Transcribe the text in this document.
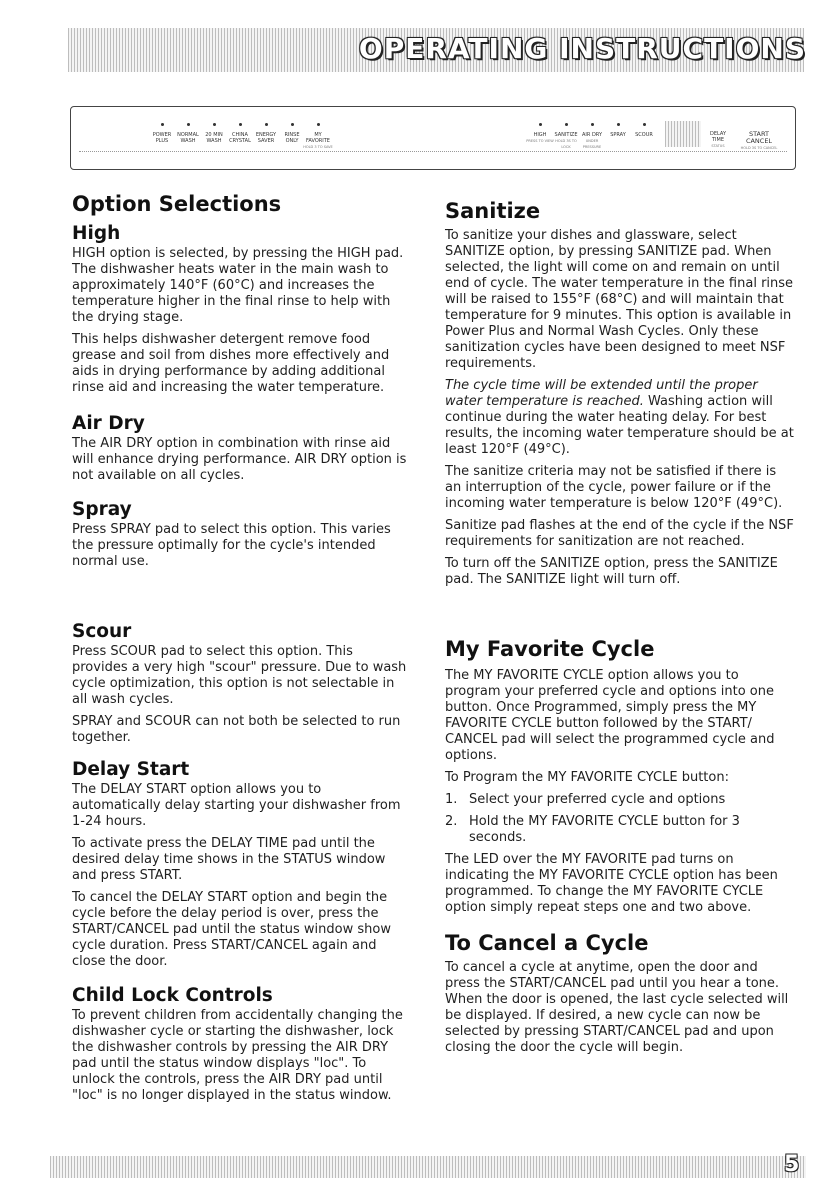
OPERATING INSTRUCTIONS
POWER
PLUS
NORMAL
WASH
20 MIN
WASH
CHINA
CRYSTAL
ENERGY
SAVER
RINSE
ONLY
MY
FAVORITE

HOLD 3 TO SAVE
HIGH

PRESS TO VIEW
SANITIZE

HOLD 3S TO LOCK
AIR DRY

UNDER PRESSURE
SPRAY	SCOUR	DELAY
TIME

STATUS
START
CANCEL

HOLD 3S TO CANCEL
Option Selections
High

HIGH option is selected, by pressing the HIGH pad. The dishwasher heats water in the main wash to approximately 140°F (60°C) and increases the temperature higher in the final rinse to help with the drying stage.

This helps dishwasher detergent remove food grease and soil from dishes more effectively and aids in drying performance by adding additional rinse aid and increasing the water temperature.

Air Dry

The AIR DRY option in combination with rinse aid will enhance drying performance. AIR DRY option is not available on all cycles.

Spray

Press SPRAY pad to select this option. This varies the pressure optimally for the cycle's intended normal use.

Scour

Press SCOUR pad to select this option. This provides a very high "scour" pressure. Due to wash cycle optimization, this option is not selectable in all wash cycles.

SPRAY and SCOUR can not both be selected to run together.

Delay Start

The DELAY START option allows you to automatically delay starting your dishwasher from 1-24 hours.

To activate press the DELAY TIME pad until the desired delay time shows in the STATUS window and press START.

To cancel the DELAY START option and begin the cycle before the delay period is over, press the START/CANCEL pad until the status window show cycle duration. Press START/CANCEL again and close the door.

Child Lock Controls

To prevent children from accidentally changing the dishwasher cycle or starting the dishwasher, lock the dishwasher controls by pressing the AIR DRY pad until the status window displays "loc". To unlock the controls, press the AIR DRY pad until "loc" is no longer displayed in the status window.

Sanitize

To sanitize your dishes and glassware, select SANITIZE option, by pressing SANITIZE pad. When selected, the light will come on and remain on until end of cycle. The water temperature in the final rinse will be raised to 155°F (68°C) and will maintain that temperature for 9 minutes. This option is available in Power Plus and Normal Wash Cycles. Only these sanitization cycles have been designed to meet NSF requirements.

The cycle time will be extended until the proper water temperature is reached. Washing action will continue during the water heating delay. For best results, the incoming water temperature should be at least 120°F (49°C).

The sanitize criteria may not be satisfied if there is an interruption of the cycle, power failure or if the incoming water temperature is below 120°F (49°C).

Sanitize pad flashes at the end of the cycle if the NSF requirements for sanitization are not reached.

To turn off the SANITIZE option, press the SANITIZE pad. The SANITIZE light will turn off.

My Favorite Cycle

The MY FAVORITE CYCLE option allows you to program your preferred cycle and options into one button. Once Programmed, simply press the MY FAVORITE CYCLE button followed by the START/ CANCEL pad will select the programmed cycle and options.

To Program the MY FAVORITE CYCLE button:

1. Select your preferred cycle and options
2. Hold the MY FAVORITE CYCLE button for 3 seconds.

The LED over the MY FAVORITE pad turns on indicating the MY FAVORITE CYCLE option has been programmed. To change the MY FAVORITE CYCLE option simply repeat steps one and two above.

To Cancel a Cycle

To cancel a cycle at anytime, open the door and press the START/CANCEL pad until you hear a tone. When the door is opened, the last cycle selected will be displayed. If desired, a new cycle can now be selected by pressing START/CANCEL pad and upon closing the door the cycle will begin.

5
